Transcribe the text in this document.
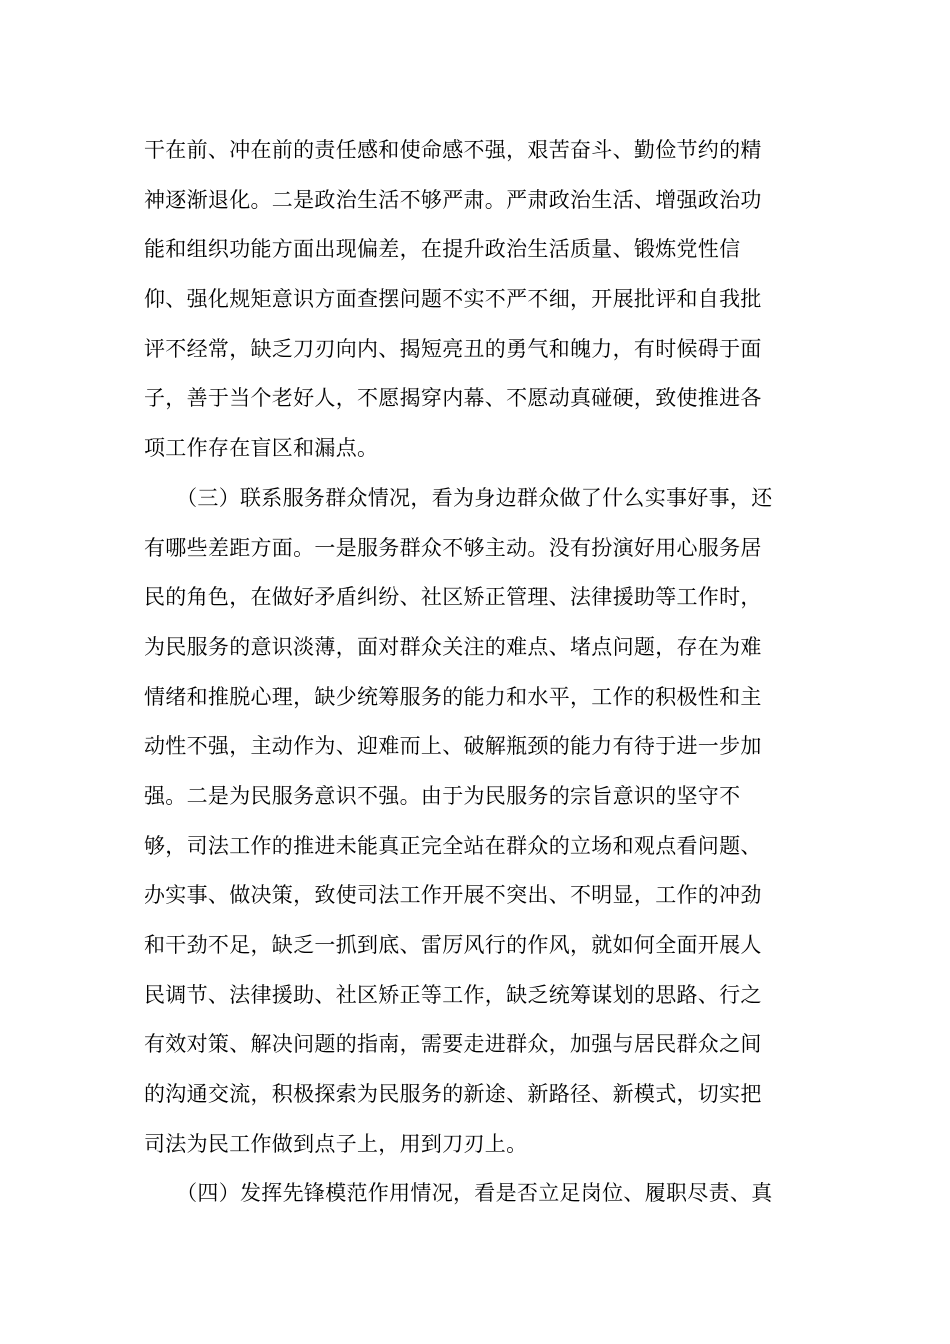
干在前、冲在前的责任感和使命感不强，艰苦奋斗、勤俭节约的精
神逐渐退化。二是政治生活不够严肃。严肃政治生活、增强政治功
能和组织功能方面出现偏差，在提升政治生活质量、锻炼党性信
仰、强化规矩意识方面查摆问题不实不严不细，开展批评和自我批
评不经常，缺乏刀刃向内、揭短亮丑的勇气和魄力，有时候碍于面
子，善于当个老好人，不愿揭穿内幕、不愿动真碰硬，致使推进各
项工作存在盲区和漏点。
　　（三）联系服务群众情况，看为身边群众做了什么实事好事，还
有哪些差距方面。一是服务群众不够主动。没有扮演好用心服务居
民的角色，在做好矛盾纠纷、社区矫正管理、法律援助等工作时，
为民服务的意识淡薄，面对群众关注的难点、堵点问题，存在为难
情绪和推脱心理，缺少统筹服务的能力和水平，工作的积极性和主
动性不强，主动作为、迎难而上、破解瓶颈的能力有待于进一步加
强。二是为民服务意识不强。由于为民服务的宗旨意识的坚守不
够，司法工作的推进未能真正完全站在群众的立场和观点看问题、
办实事、做决策，致使司法工作开展不突出、不明显，工作的冲劲
和干劲不足，缺乏一抓到底、雷厉风行的作风，就如何全面开展人
民调节、法律援助、社区矫正等工作，缺乏统筹谋划的思路、行之
有效对策、解决问题的指南，需要走进群众，加强与居民群众之间
的沟通交流，积极探索为民服务的新途、新路径、新模式，切实把
司法为民工作做到点子上，用到刀刃上。
　　（四）发挥先锋模范作用情况，看是否立足岗位、履职尽责、真
